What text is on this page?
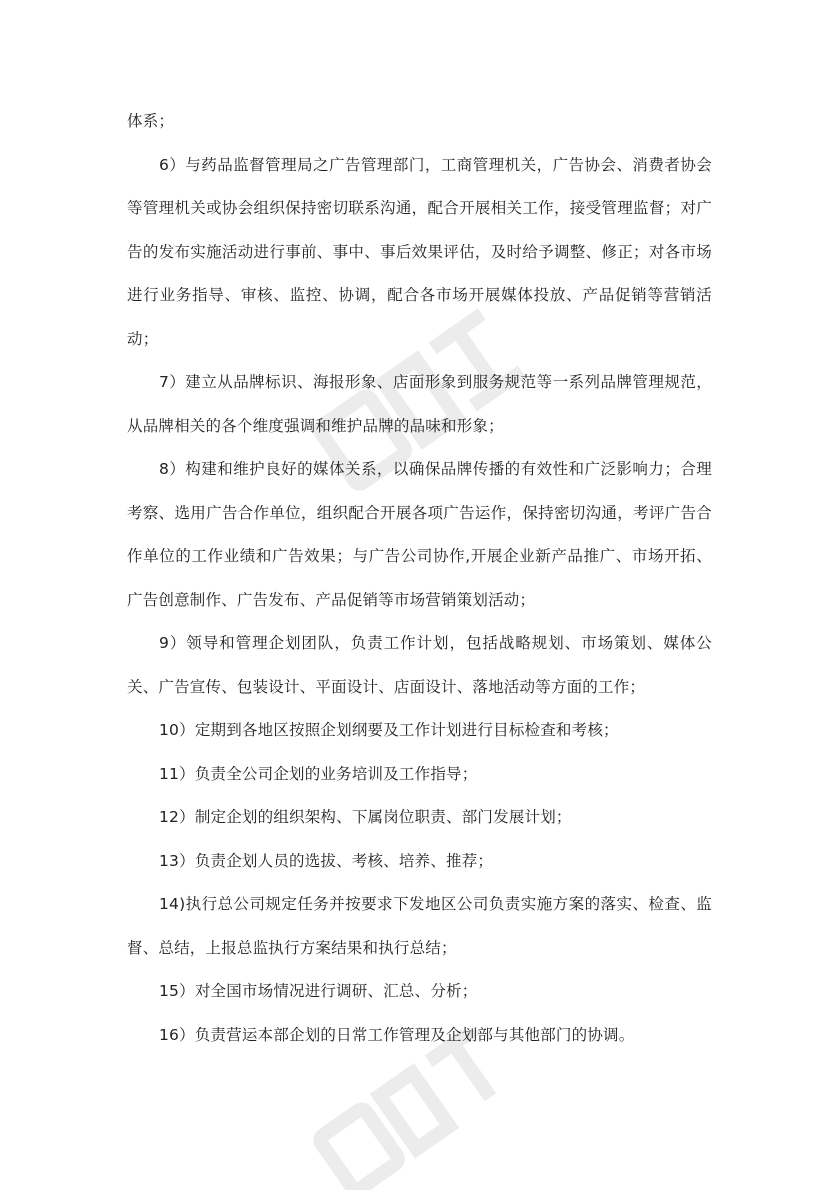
体系；

6）与药品监督管理局之广告管理部门，工商管理机关，广告协会、消费者协会等管理机关或协会组织保持密切联系沟通，配合开展相关工作，接受管理监督；对广告的发布实施活动进行事前、事中、事后效果评估，及时给予调整、修正；对各市场进行业务指导、审核、监控、协调，配合各市场开展媒体投放、产品促销等营销活动；

7）建立从品牌标识、海报形象、店面形象到服务规范等一系列品牌管理规范，从品牌相关的各个维度强调和维护品牌的品味和形象；

8）构建和维护良好的媒体关系，以确保品牌传播的有效性和广泛影响力；合理考察、选用广告合作单位，组织配合开展各项广告运作，保持密切沟通，考评广告合作单位的工作业绩和广告效果；与广告公司协作,开展企业新产品推广、市场开拓、广告创意制作、广告发布、产品促销等市场营销策划活动；

9）领导和管理企划团队，负责工作计划，包括战略规划、市场策划、媒体公关、广告宣传、包装设计、平面设计、店面设计、落地活动等方面的工作；

10）定期到各地区按照企划纲要及工作计划进行目标检查和考核；

11）负责全公司企划的业务培训及工作指导；

12）制定企划的组织架构、下属岗位职责、部门发展计划；

13）负责企划人员的选拔、考核、培养、推荐；

14)执行总公司规定任务并按要求下发地区公司负责实施方案的落实、检查、监督、总结，上报总监执行方案结果和执行总结；

15）对全国市场情况进行调研、汇总、分析；

16）负责营运本部企划的日常工作管理及企划部与其他部门的协调。
